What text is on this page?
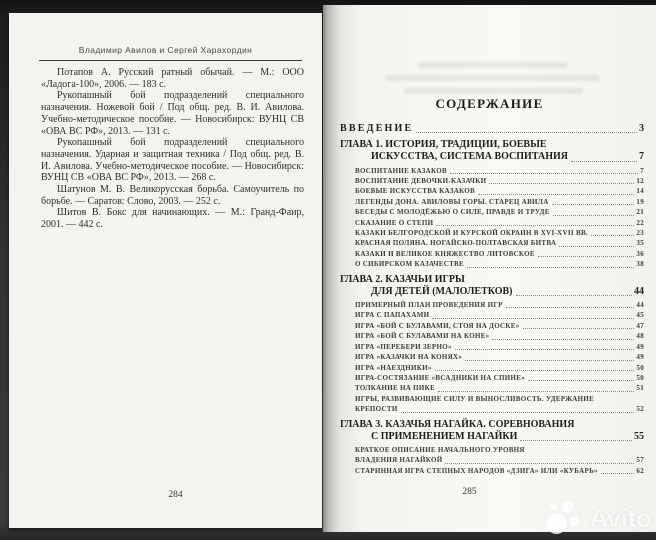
Владимир Авилов и Сергей Харахордин

Потапов А. Русский ратный обычай. — М.: ООО «Ладога-100», 2006. — 183 с.

Рукопашный бой подразделений специального назначения. Ножевой бой / Под общ. ред. В. И. Авилова. Учебно-методическое пособие. — Новосибирск: ВУНЦ СВ «ОВА ВС РФ», 2013. — 131 с.

Рукопашный бой подразделений специального назначения. Ударная и защитная техника / Под общ. ред. В. И. Авилова. Учебно-методическое пособие. — Новосибирск: ВУНЦ СВ «ОВА ВС РФ», 2013. — 268 с.

Шатунов М. В. Великорусская борьба. Самоучитель по борьбе. — Саратов: Слово, 2003. — 252 с.

Шитов В. Бокс для начинающих. — М.: Гранд-Фаир, 2001. — 442 с.

284
СОДЕРЖАНИЕ
ВВЕДЕНИЕ	3
ГЛАВА 1. ИСТОРИЯ, ТРАДИЦИИ, БОЕВЫЕ
ИСКУССТВА, СИСТЕМА ВОСПИТАНИЯ	7
ВОСПИТАНИЕ КАЗАКОВ	7
ВОСПИТАНИЕ ДЕВОЧКИ-КАЗАЧКИ	12
БОЕВЫЕ ИСКУССТВА КАЗАКОВ	14
ЛЕГЕНДЫ ДОНА. АВИЛОВЫ ГОРЫ. СТАРЕЦ АВИЛА	19
БЕСЕДЫ С МОЛОДЁЖЬЮ О СИЛЕ, ПРАВДЕ И ТРУДЕ	21
СКАЗАНИЕ О СТЕПИ	22
КАЗАКИ БЕЛГОРОДСКОЙ И КУРСКОЙ ОКРАИН В XVI-XVII ВВ.	23
КРАСНАЯ ПОЛЯНА. НОГАЙСКО-ПОЛТАВСКАЯ БИТВА	35
КАЗАКИ И ВЕЛИКОЕ КНЯЖЕСТВО ЛИТОВСКОЕ	36
О СИБИРСКОМ КАЗАЧЕСТВЕ	38
ГЛАВА 2. КАЗАЧЬИ ИГРЫ
ДЛЯ ДЕТЕЙ (МАЛОЛЕТКОВ)	44
ПРИМЕРНЫЙ ПЛАН ПРОВЕДЕНИЯ ИГР	44
ИГРА С ПАПАХАМИ	45
ИГРА «БОЙ С БУЛАВАМИ, СТОЯ НА ДОСКЕ»	47
ИГРА «БОЙ С БУЛАВАМИ НА КОНЕ»	48
ИГРА «ПЕРЕБЕРИ ЗЕРНО»	49
ИГРА «КАЗАЧКИ НА КОНЯХ»	49
ИГРА «НАЕЗДНИКИ»	50
ИГРА-СОСТЯЗАНИЕ «ВСАДНИКИ НА СПИНЕ»	50
ТОЛКАНИЕ НА ПИКЕ	51
ИГРЫ, РАЗВИВАЮЩИЕ СИЛУ И ВЫНОСЛИВОСТЬ. УДЕРЖАНИЕ
КРЕПОСТИ	52
ГЛАВА 3. КАЗАЧЬЯ НАГАЙКА. СОРЕВНОВАНИЯ
С ПРИМЕНЕНИЕМ НАГАЙКИ	55
КРАТКОЕ ОПИСАНИЕ НАЧАЛЬНОГО УРОВНЯ
ВЛАДЕНИЯ НАГАЙКОЙ	57
СТАРИННАЯ ИГРА СТЕПНЫХ НАРОДОВ «ДЗИГА» ИЛИ «КУБАРЬ»	62
285
Avito
